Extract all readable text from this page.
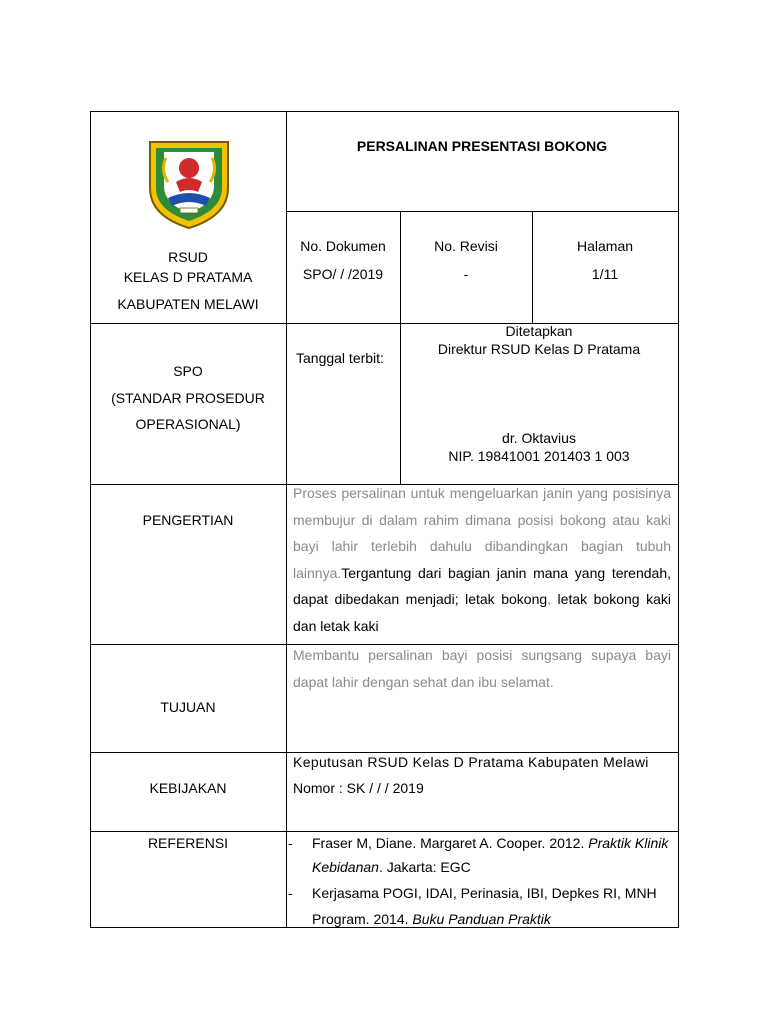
RSUD
KELAS D PRATAMA
KABUPATEN MELAWI
PERSALINAN PRESENTASI BOKONG
No. Dokumen
SPO/ / /2019
No. Revisi
-
Halaman
1/11
SPO
(STANDAR PROSEDUR
OPERASIONAL)
Tanggal terbit:
Ditetapkan
Direktur RSUD Kelas D Pratama
dr. Oktavius
NIP. 19841001 201403 1 003
PENGERTIAN
Proses persalinan untuk mengeluarkan janin yang posisinya membujur di dalam rahim dimana posisi bokong atau kaki bayi lahir terlebih dahulu dibandingkan bagian tubuh lainnya.Tergantung dari bagian janin mana yang terendah, dapat dibedakan menjadi; letak bokong, letak bokong kaki dan letak kaki
TUJUAN
Membantu persalinan bayi posisi sungsang supaya bayi dapat lahir dengan sehat dan ibu selamat.
KEBIJAKAN
Keputusan RSUD Kelas D Pratama Kabupaten Melawi
Nomor : SK / / / 2019
REFERENSI	- Fraser M, Diane. Margaret A. Cooper. 2012. Praktik Klinik Kebidanan. Jakarta: EGC
- Kerjasama POGI, IDAI, Perinasia, IBI, Depkes RI, MNH Program. 2014. Buku Panduan Praktik
